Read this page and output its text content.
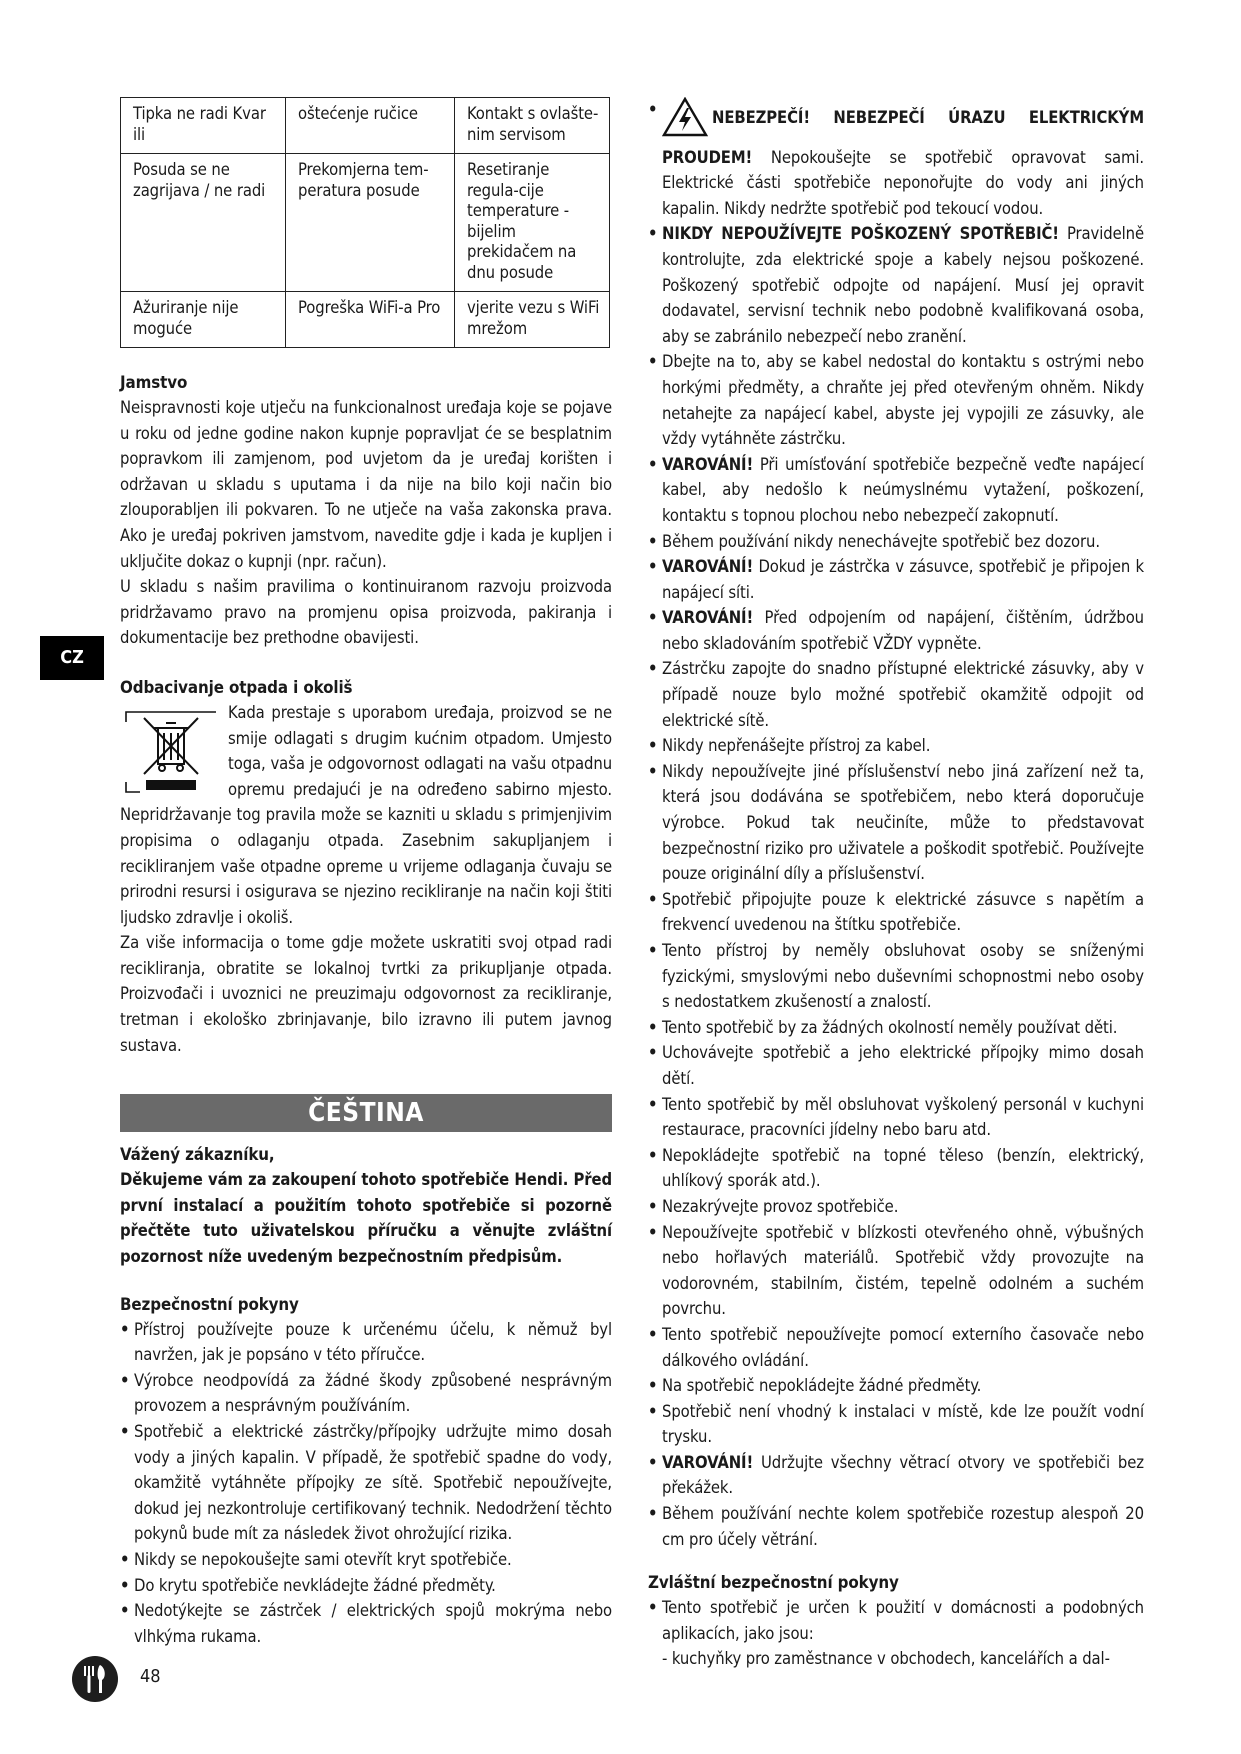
CZ
Tipka ne radi Kvar ili	oštećenje ručice	Kontakt s ovlašte-nim servisom
Posuda se ne zagrijava / ne radi	Prekomjerna tem-peratura posude	Resetiranje regula-cije temperature - bijelim prekidačem na dnu posude
Ažuriranje nije moguće	Pogreška WiFi-a Pro	vjerite vezu s WiFi mrežom
Jamstvo

Neispravnosti koje utječu na funkcionalnost uređaja koje se pojave u roku od jedne godine nakon kupnje popravljat će se besplatnim popravkom ili zamjenom, pod uvjetom da je uređaj korišten i održavan u skladu s uputama i da nije na bilo koji način bio zlouporabljen ili pokvaren. To ne utječe na vaša zakonska prava. Ako je uređaj pokriven jamstvom, navedite gdje i kada je kupljen i uključite dokaz o kupnji (npr. račun).

U skladu s našim pravilima o kontinuiranom razvoju proizvoda pridržavamo pravo na promjenu opisa proizvoda, pakiranja i dokumentacije bez prethodne obavijesti.

Odbacivanje otpada i okoliš
Kada prestaje s uporabom uređaja, proizvod se ne smije odlagati s drugim kućnim otpadom. Umjesto toga, vaša je odgovornost odlagati na vašu otpadnu opremu predajući je na određeno sabirno mjesto. Nepridržavanje tog pravila može se kazniti u skladu s primjenjivim propisima o odlaganju otpada. Zasebnim sakupljanjem i recikliranjem vaše otpadne opreme u vrijeme odlaganja čuvaju se prirodni resursi i osigurava se njezino recikliranje na način koji štiti ljudsko zdravlje i okoliš.

Za više informacija o tome gdje možete uskratiti svoj otpad radi recikliranja, obratite se lokalnoj tvrtki za prikupljanje otpada. Proizvođači i uvoznici ne preuzimaju odgovornost za recikliranje, tretman i ekološko zbrinjavanje, bilo izravno ili putem javnog sustava.

ČEŠTINA
Vážený zákazníku,

Děkujeme vám za zakoupení tohoto spotřebiče Hendi. Před první instalací a použitím tohoto spotřebiče si pozorně přečtěte tuto uživatelskou příručku a věnujte zvláštní pozornost níže uvedeným bezpečnostním předpisům.

Bezpečnostní pokyny
• Přístroj používejte pouze k určenému účelu, k němuž byl navržen, jak je popsáno v této příručce.
• Výrobce neodpovídá za žádné škody způsobené nesprávným provozem a nesprávným používáním.
• Spotřebič a elektrické zástrčky/přípojky udržujte mimo dosah vody a jiných kapalin. V případě, že spotřebič spadne do vody, okamžitě vytáhněte přípojky ze sítě. Spotřebič nepoužívejte, dokud jej nezkontroluje certifikovaný technik. Nedodržení těchto pokynů bude mít za následek život ohrožující rizika.
• Nikdy se nepokoušejte sami otevřít kryt spotřebiče.
• Do krytu spotřebiče nevkládejte žádné předměty.
• Nedotýkejte se zástrček / elektrických spojů mokrýma nebo vlhkýma rukama.
• NEBEZPEČÍ! NEBEZPEČÍ ÚRAZU ELEKTRICKÝM PROUDEM! Nepokoušejte se spotřebič opravovat sami. Elektrické části spotřebiče neponořujte do vody ani jiných kapalin. Nikdy nedržte spotřebič pod tekoucí vodou.
• NIKDY NEPOUŽÍVEJTE POŠKOZENÝ SPOTŘEBIČ! Pravidelně kontrolujte, zda elektrické spoje a kabely nejsou poškozené. Poškozený spotřebič odpojte od napájení. Musí jej opravit dodavatel, servisní technik nebo podobně kvalifikovaná osoba, aby se zabránilo nebezpečí nebo zranění.
• Dbejte na to, aby se kabel nedostal do kontaktu s ostrými nebo horkými předměty, a chraňte jej před otevřeným ohněm. Nikdy netahejte za napájecí kabel, abyste jej vypojili ze zásuvky, ale vždy vytáhněte zástrčku.
• VAROVÁNÍ! Při umísťování spotřebiče bezpečně veďte napájecí kabel, aby nedošlo k neúmyslnému vytažení, poškození, kontaktu s topnou plochou nebo nebezpečí zakopnutí.
• Během používání nikdy nenechávejte spotřebič bez dozoru.
• VAROVÁNÍ! Dokud je zástrčka v zásuvce, spotřebič je připojen k napájecí síti.
• VAROVÁNÍ! Před odpojením od napájení, čištěním, údržbou nebo skladováním spotřebič VŽDY vypněte.
• Zástrčku zapojte do snadno přístupné elektrické zásuvky, aby v případě nouze bylo možné spotřebič okamžitě odpojit od elektrické sítě.
• Nikdy nepřenášejte přístroj za kabel.
• Nikdy nepoužívejte jiné příslušenství nebo jiná zařízení než ta, která jsou dodávána se spotřebičem, nebo která doporučuje výrobce. Pokud tak neučiníte, může to představovat bezpečnostní riziko pro uživatele a poškodit spotřebič. Používejte pouze originální díly a příslušenství.
• Spotřebič připojujte pouze k elektrické zásuvce s napětím a frekvencí uvedenou na štítku spotřebiče.
• Tento přístroj by neměly obsluhovat osoby se sníženými fyzickými, smyslovými nebo duševními schopnostmi nebo osoby s nedostatkem zkušeností a znalostí.
• Tento spotřebič by za žádných okolností neměly používat děti.
• Uchovávejte spotřebič a jeho elektrické přípojky mimo dosah dětí.
• Tento spotřebič by měl obsluhovat vyškolený personál v kuchyni restaurace, pracovníci jídelny nebo baru atd.
• Nepokládejte spotřebič na topné těleso (benzín, elektrický, uhlíkový sporák atd.).
• Nezakrývejte provoz spotřebiče.
• Nepoužívejte spotřebič v blízkosti otevřeného ohně, výbušných nebo hořlavých materiálů. Spotřebič vždy provozujte na vodorovném, stabilním, čistém, tepelně odolném a suchém povrchu.
• Tento spotřebič nepoužívejte pomocí externího časovače nebo dálkového ovládání.
• Na spotřebič nepokládejte žádné předměty.
• Spotřebič není vhodný k instalaci v místě, kde lze použít vodní trysku.
• VAROVÁNÍ! Udržujte všechny větrací otvory ve spotřebiči bez překážek.
• Během používání nechte kolem spotřebiče rozestup alespoň 20 cm pro účely větrání.
Zvláštní bezpečnostní pokyny
• Tento spotřebič je určen k použití v domácnosti a podobných aplikacích, jako jsou:
- kuchyňky pro zaměstnance v obchodech, kancelářích a dal-
48
